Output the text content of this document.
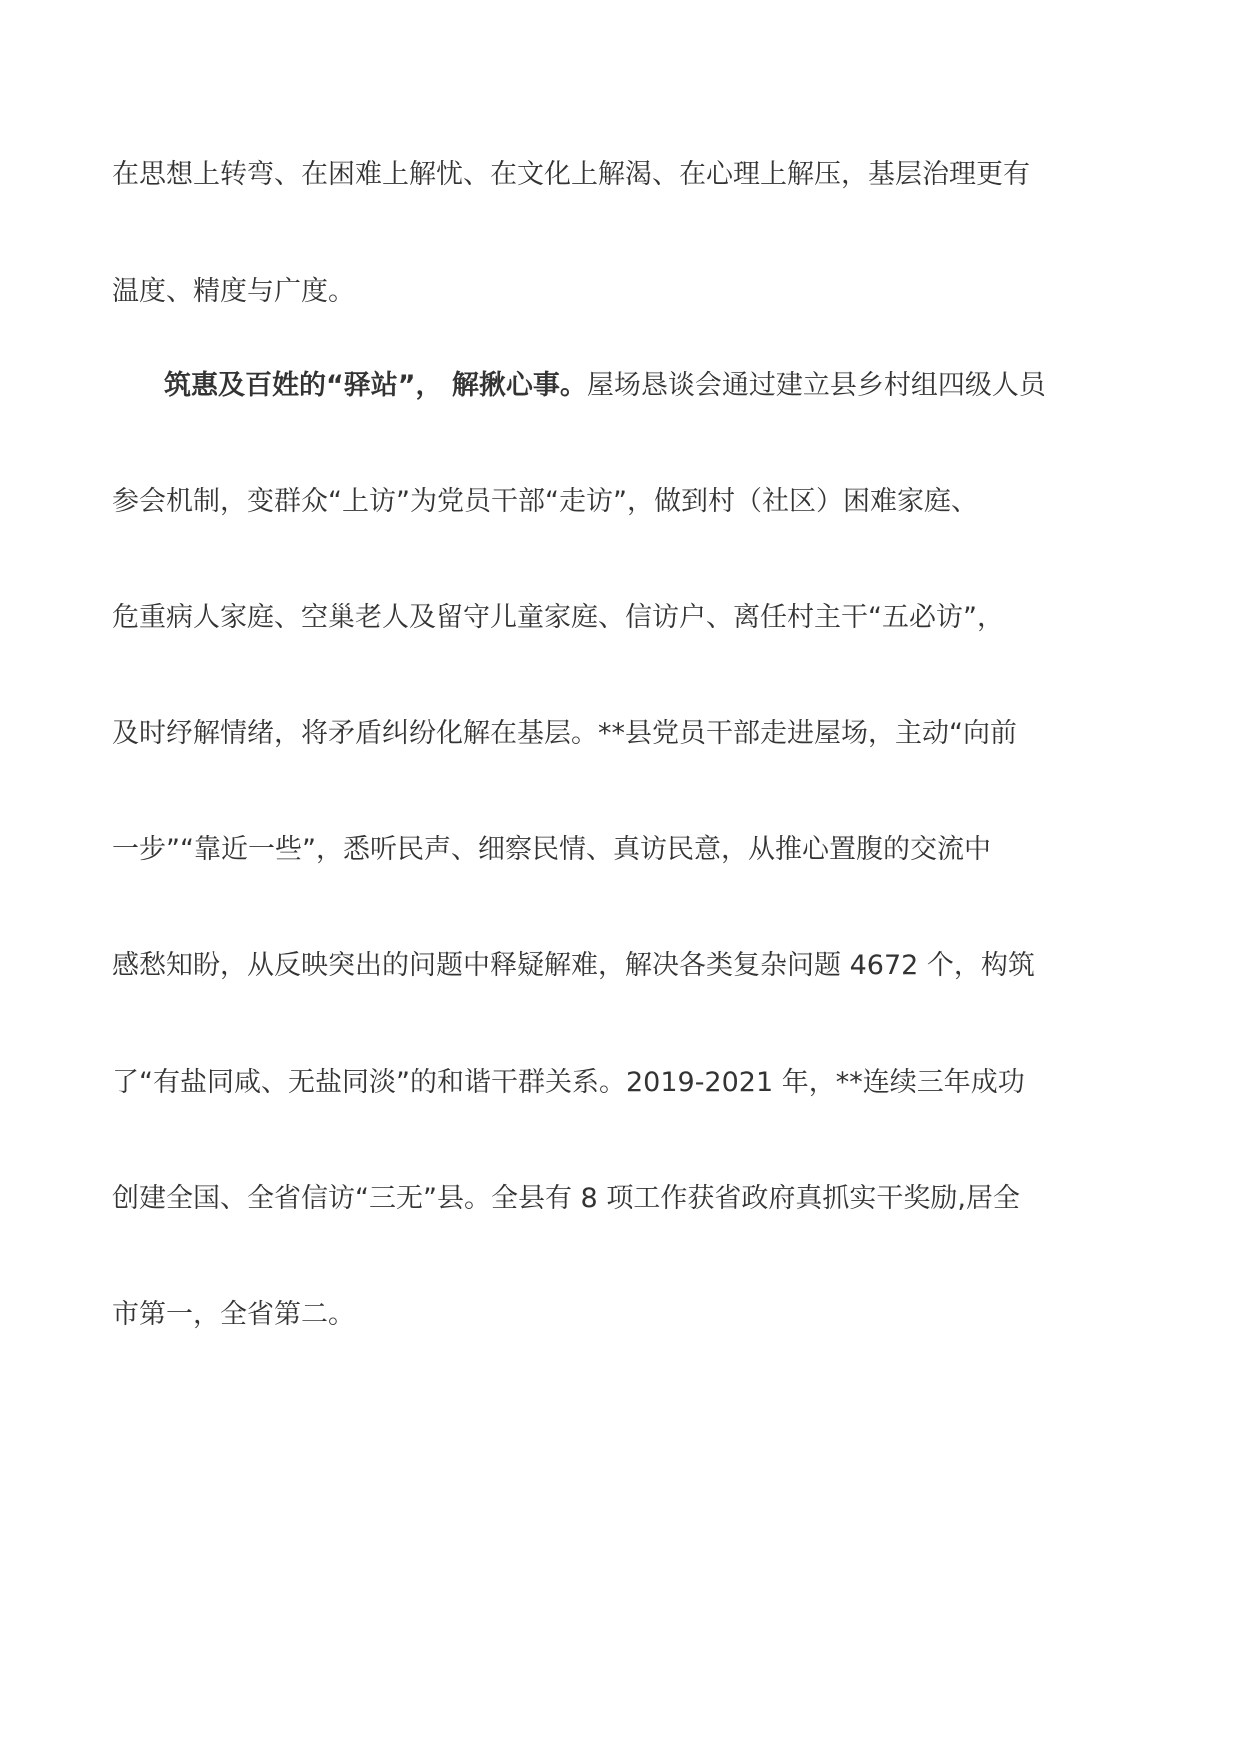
在思想上转弯、在困难上解忧、在文化上解渴、在心理上解压，基层治理更有
温度、精度与广度。
筑惠及百姓的“驿站”， 解揪心事。屋场恳谈会通过建立县乡村组四级人员
参会机制，变群众“上访”为党员干部“走访”，做到村（社区）困难家庭、
危重病人家庭、空巢老人及留守儿童家庭、信访户、离任村主干“五必访”，
及时纾解情绪，将矛盾纠纷化解在基层。**县党员干部走进屋场，主动“向前
一步”“靠近一些”，悉听民声、细察民情、真访民意，从推心置腹的交流中
感愁知盼，从反映突出的问题中释疑解难，解决各类复杂问题 4672 个，构筑
了“有盐同咸、无盐同淡”的和谐干群关系。2019-2021 年，**连续三年成功
创建全国、全省信访“三无”县。全县有 8 项工作获省政府真抓实干奖励,居全
市第一，全省第二。
